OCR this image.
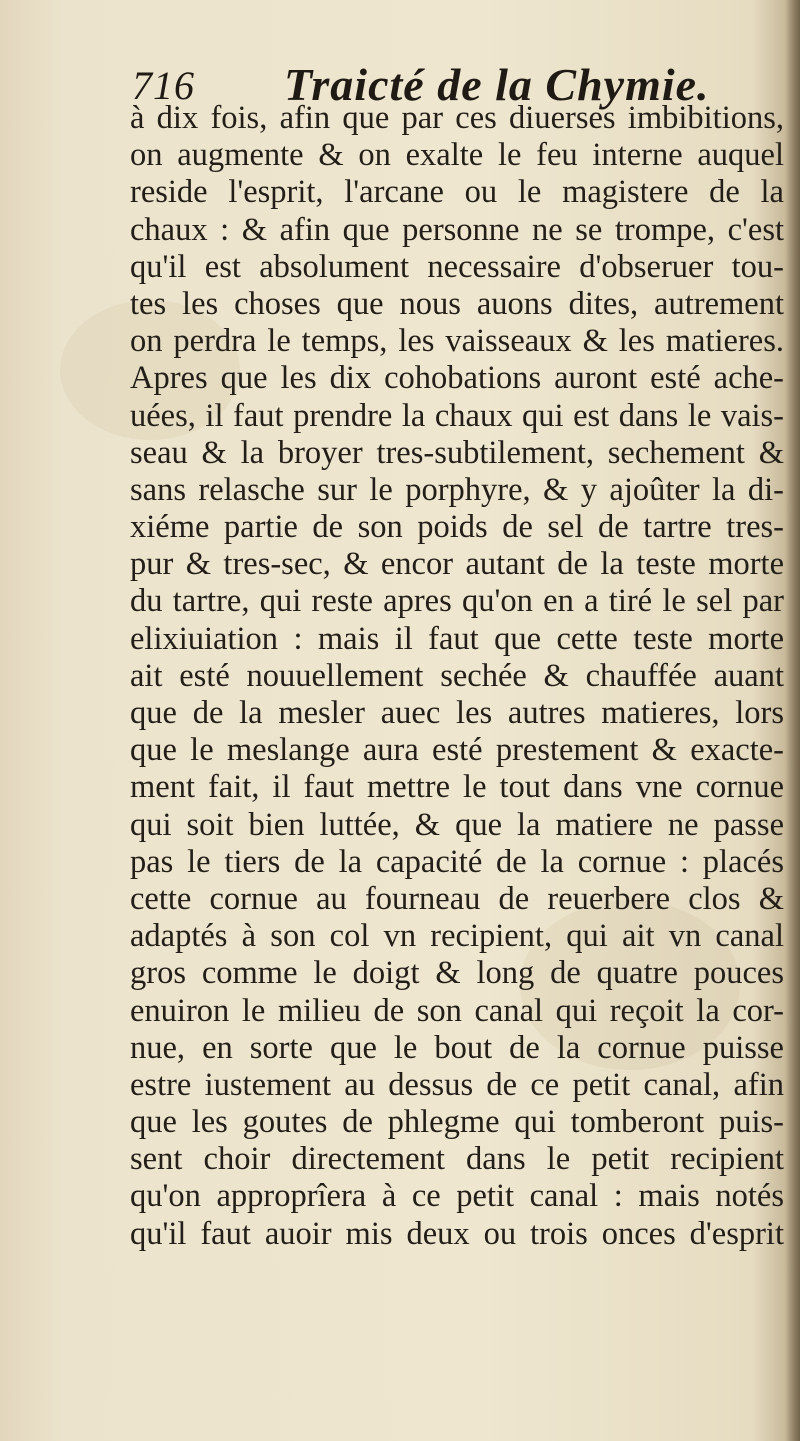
716 Traicté de la Chymie.
à dix fois, afin que par ces diuerses imbibitions,
on augmente & on exalte le feu interne auquel
reside l'esprit, l'arcane ou le magistere de la
chaux : & afin que personne ne se trompe, c'est
qu'il est absolument necessaire d'obseruer tou-
tes les choses que nous auons dites, autrement
on perdra le temps, les vaisseaux & les matieres.
Apres que les dix cohobations auront esté ache-
uées, il faut prendre la chaux qui est dans le vais-
seau & la broyer tres-subtilement, sechement &
sans relasche sur le porphyre, & y ajoûter la di-
xiéme partie de son poids de sel de tartre tres-
pur & tres-sec, & encor autant de la teste morte
du tartre, qui reste apres qu'on en a tiré le sel par
elixiuiation : mais il faut que cette teste morte
ait esté nouuellement sechée & chauffée auant
que de la mesler auec les autres matieres, lors
que le meslange aura esté prestement & exacte-
ment fait, il faut mettre le tout dans vne cornue
qui soit bien luttée, & que la matiere ne passe
pas le tiers de la capacité de la cornue : placés
cette cornue au fourneau de reuerbere clos &
adaptés à son col vn recipient, qui ait vn canal
gros comme le doigt & long de quatre pouces
enuiron le milieu de son canal qui reçoit la cor-
nue, en sorte que le bout de la cornue puisse
estre iustement au dessus de ce petit canal, afin
que les goutes de phlegme qui tomberont puis-
sent choir directement dans le petit recipient
qu'on approprîera à ce petit canal : mais notés
qu'il faut auoir mis deux ou trois onces d'esprit
